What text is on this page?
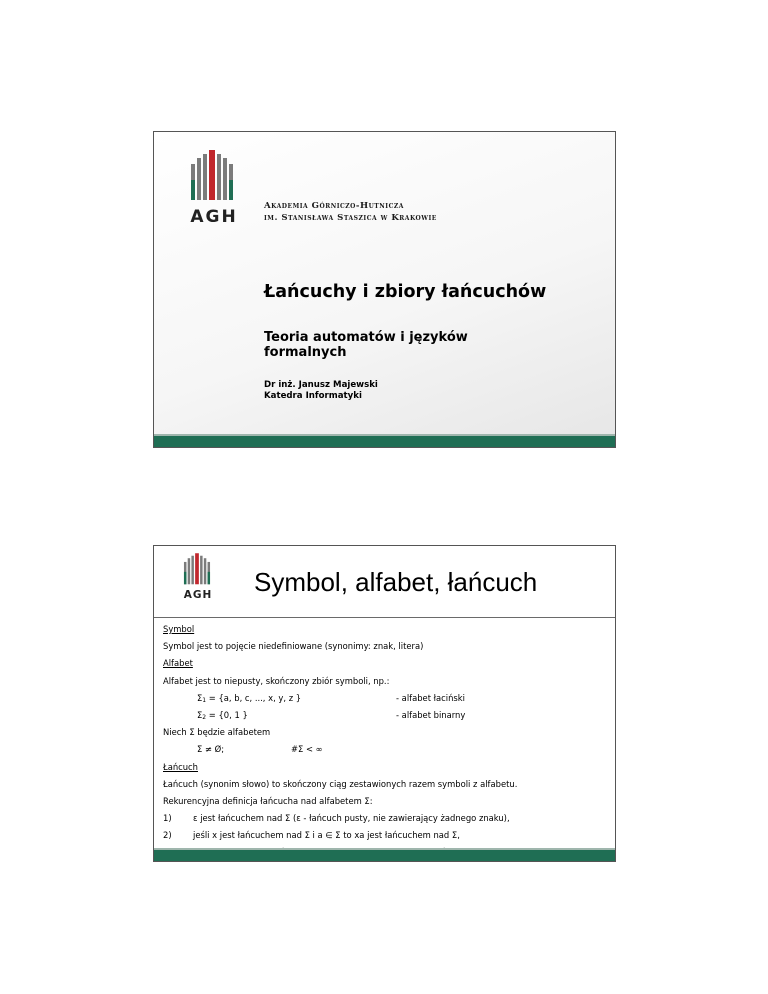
AGH
Akademia Górniczo-Hutnicza
im. Stanisława Staszica w Krakowie
Łańcuchy i zbiory łańcuchów
Teoria automatów i języków formalnych
Dr inż. Janusz Majewski
Katedra Informatyki
AGH Symbol, alfabet, łańcuch
Symbol
Symbol jest to pojęcie niedefiniowane (synonimy: znak, litera)
Alfabet
Alfabet jest to niepusty, skończony zbiór symboli, np.:
$\Sigma_1 = \{a$, b, c, ..., x, y, z }	- alfabet łaciński
$\Sigma_2 = \{0$, 1 }	- alfabet binarny
Niech Σ będzie alfabetem
Σ ≠ Ø;	#Σ < ∞
Łańcuch
Łańcuch (synonim słowo) to skończony ciąg zestawionych razem symboli z alfabetu.
Rekurencyjna definicja łańcucha nad alfabetem Σ:
1)	ε jest łańcuchem nad Σ (ε - łańcuch pusty, nie zawierający żadnego znaku),
2)	jeśli x jest łańcuchem nad Σ i a ∈ Σ to xa jest łańcuchem nad Σ,
